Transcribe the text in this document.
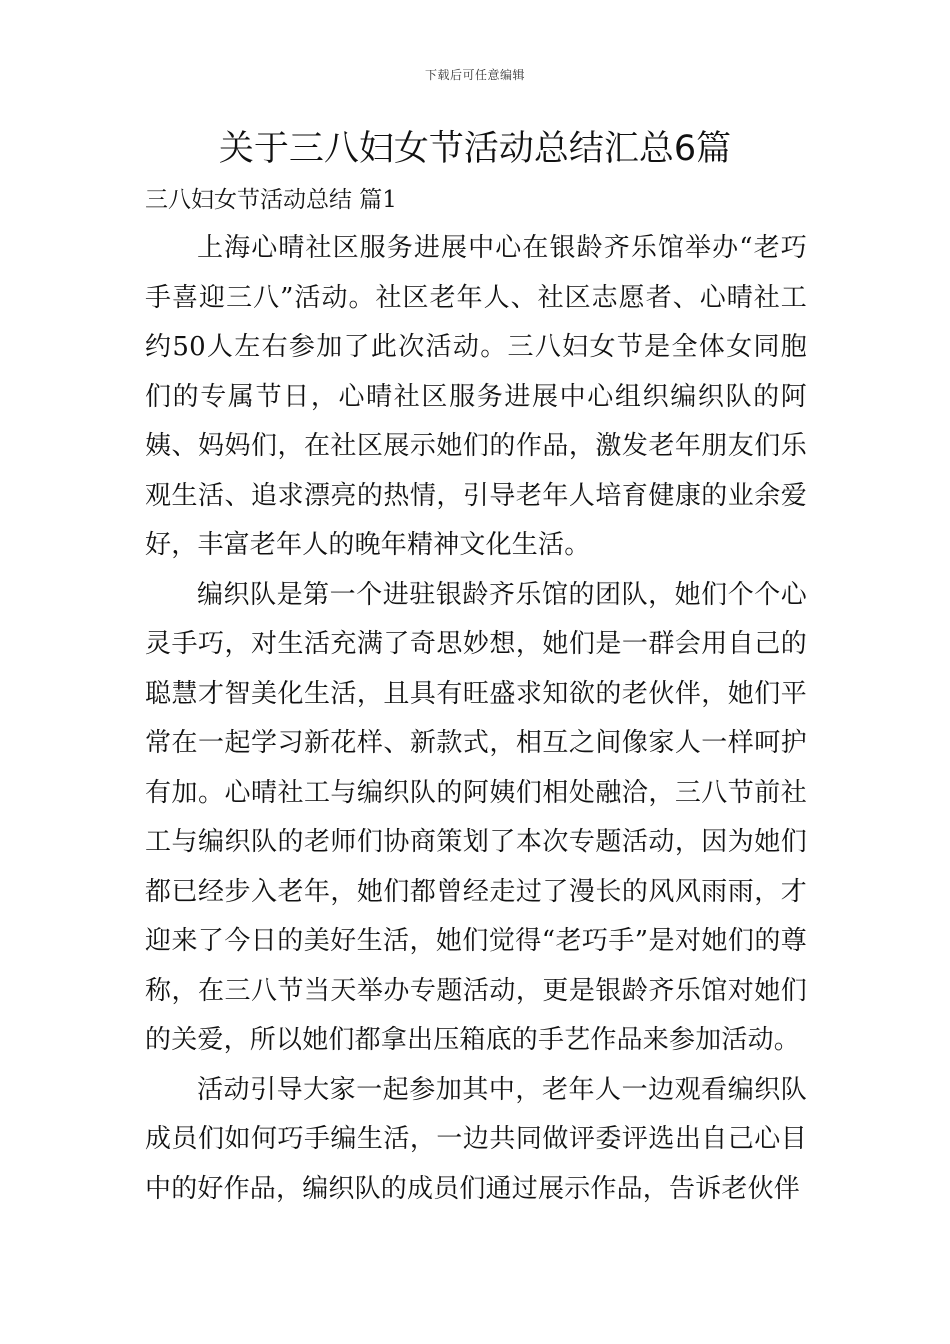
下载后可任意编辑
关于三八妇女节活动总结汇总6篇
三八妇女节活动总结 篇1

上海心晴社区服务进展中心在银龄齐乐馆举办“老巧手喜迎三八”活动。社区老年人、社区志愿者、心晴社工约50人左右参加了此次活动。三八妇女节是全体女同胞们的专属节日，心晴社区服务进展中心组织编织队的阿姨、妈妈们，在社区展示她们的作品，激发老年朋友们乐观生活、追求漂亮的热情，引导老年人培育健康的业余爱好，丰富老年人的晚年精神文化生活。

编织队是第一个进驻银龄齐乐馆的团队，她们个个心灵手巧，对生活充满了奇思妙想，她们是一群会用自己的聪慧才智美化生活，且具有旺盛求知欲的老伙伴，她们平常在一起学习新花样、新款式，相互之间像家人一样呵护有加。心晴社工与编织队的阿姨们相处融洽，三八节前社工与编织队的老师们协商策划了本次专题活动，因为她们都已经步入老年，她们都曾经走过了漫长的风风雨雨，才迎来了今日的美好生活，她们觉得“老巧手”是对她们的尊称，在三八节当天举办专题活动，更是银龄齐乐馆对她们的关爱，所以她们都拿出压箱底的手艺作品来参加活动。

活动引导大家一起参加其中，老年人一边观看编织队成员们如何巧手编生活，一边共同做评委评选出自己心目中的好作品，编织队的成员们通过展示作品，告诉老伙伴
